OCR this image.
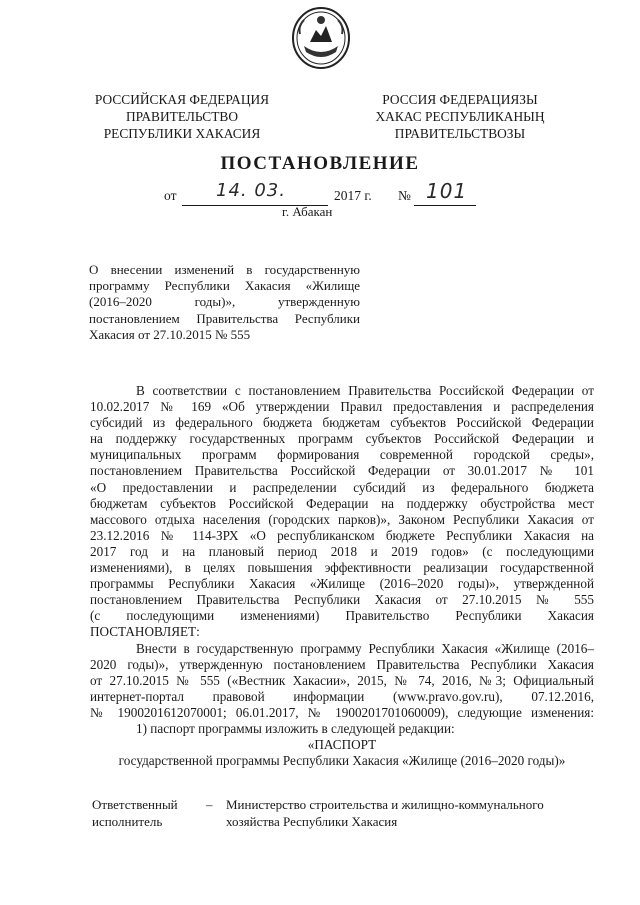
РОССИЙСКАЯ ФЕДЕРАЦИЯ
ПРАВИТЕЛЬСТВО
РЕСПУБЛИКИ ХАКАСИЯ
РОССИЯ ФЕДЕРАЦИЯЗЫ
ХАКАС РЕСПУБЛИКАНЫҢ
ПРАВИТЕЛЬСТВОЗЫ
ПОСТАНОВЛЕНИЕ
от 14. 03.	2017 г. № 101
г. Абакан
О внесении изменений в государственную
программу Республики Хакасия «Жилище
(2016–2020 годы)», утвержденную
постановлением Правительства Республики
Хакасия от 27.10.2015 № 555
В соответствии с постановлением Правительства Российской Федерации от
10.02.2017 № 169 «Об утверждении Правил предоставления и распределения
субсидий из федерального бюджета бюджетам субъектов Российской Федерации
на поддержку государственных программ субъектов Российской Федерации и
муниципальных программ формирования современной городской среды»,
постановлением Правительства Российской Федерации от 30.01.2017 № 101
«О предоставлении и распределении субсидий из федерального бюджета
бюджетам субъектов Российской Федерации на поддержку обустройства мест
массового отдыха населения (городских парков)», Законом Республики Хакасия от
23.12.2016 № 114-ЗРХ «О республиканском бюджете Республики Хакасия на
2017 год и на плановый период 2018 и 2019 годов» (с последующими
изменениями), в целях повышения эффективности реализации государственной
программы Республики Хакасия «Жилище (2016–2020 годы)», утвержденной
постановлением Правительства Республики Хакасия от 27.10.2015 № 555
(с последующими изменениями) Правительство Республики Хакасия
ПОСТАНОВЛЯЕТ:
Внести в государственную программу Республики Хакасия «Жилище (2016–
2020 годы)», утвержденную постановлением Правительства Республики Хакасия
от 27.10.2015 № 555 («Вестник Хакасии», 2015, № 74, 2016, №3; Официальный
интернет-портал правовой информации (www.pravo.gov.ru), 07.12.2016,
№ 1900201612070001; 06.01.2017, № 1900201701060009), следующие изменения:
1) паспорт программы изложить в следующей редакции:
«ПАСПОРТ
государственной программы Республики Хакасия «Жилище (2016–2020 годы)»
Ответственный
исполнитель
– Министерство строительства и жилищно-коммунального
хозяйства Республики Хакасия
